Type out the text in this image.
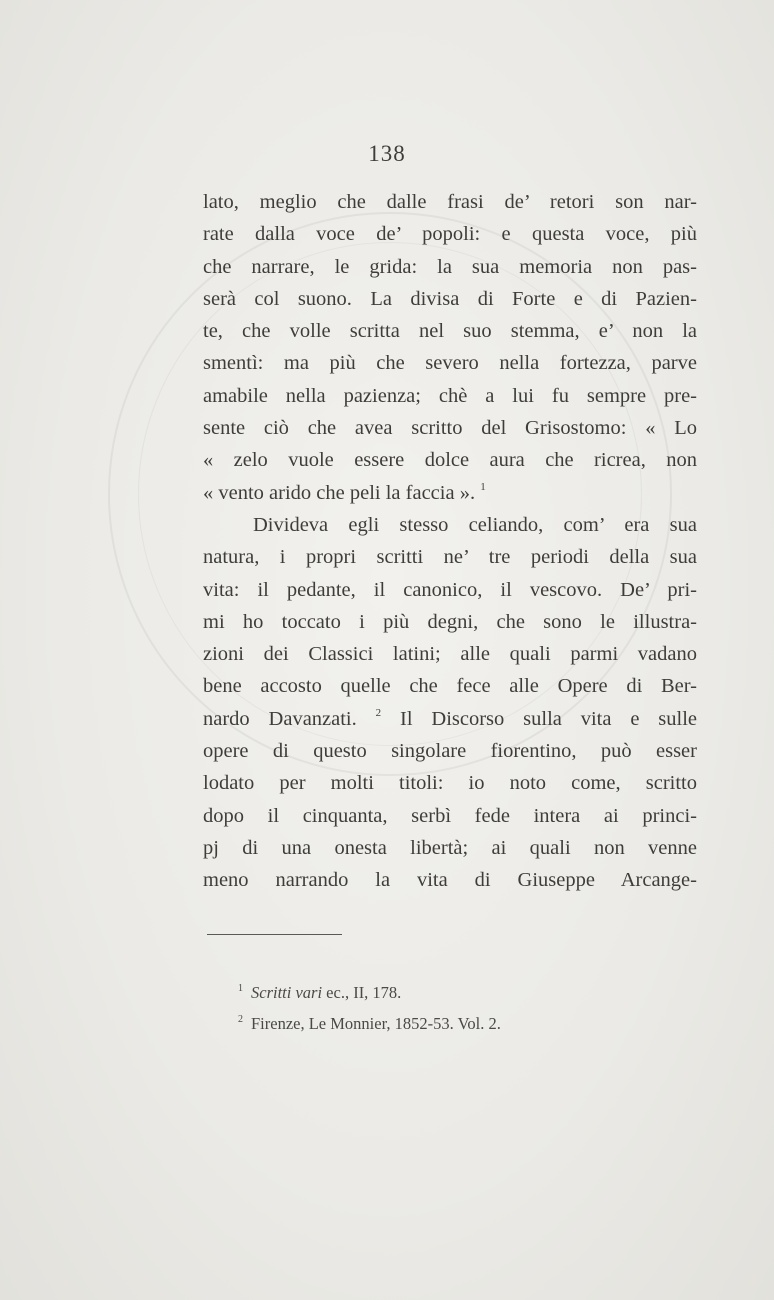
138
lato, meglio che dalle frasi de’ retori son nar-
rate dalla voce de’ popoli: e questa voce, più
che narrare, le grida: la sua memoria non pas-
serà col suono. La divisa di Forte e di Pazien-
te, che volle scritta nel suo stemma, e’ non la
smentì: ma più che severo nella fortezza, parve
amabile nella pazienza; chè a lui fu sempre pre-
sente ciò che avea scritto del Grisostomo: « Lo
« zelo vuole essere dolce aura che ricrea, non
« vento arido che peli la faccia ». $^1$
Divideva egli stesso celiando, com’ era sua
natura, i propri scritti ne’ tre periodi della sua
vita: il pedante, il canonico, il vescovo. De’ pri-
mi ho toccato i più degni, che sono le illustra-
zioni dei Classici latini; alle quali parmi vadano
bene accosto quelle che fece alle Opere di Ber-
nardo Davanzati. $^2$ Il Discorso sulla vita e sulle
opere di questo singolare fiorentino, può esser
lodato per molti titoli: io noto come, scritto
dopo il cinquanta, serbì fede intera ai princi-
pj di una onesta libertà; ai quali non venne
meno narrando la vita di Giuseppe Arcange-
$^1$ Scritti vari ec., II, 178.
$^2$ Firenze, Le Monnier, 1852-53. Vol. 2.
